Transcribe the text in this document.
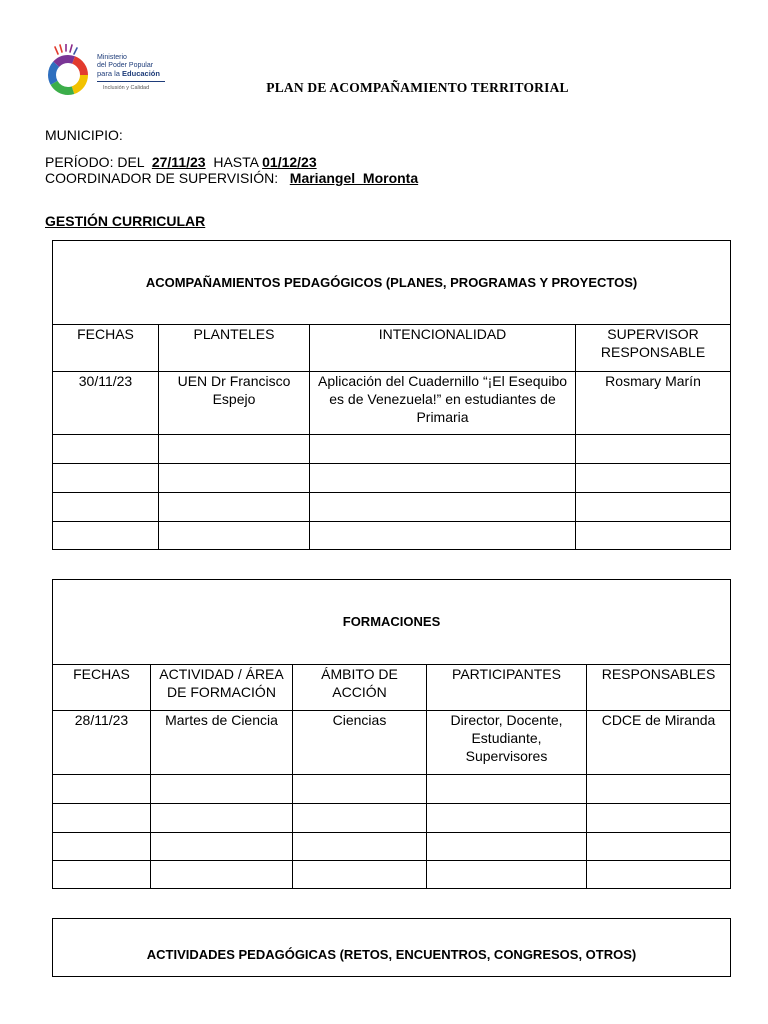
Ministerio
del Poder Popular
para la Educación
Inclusión y Calidad	PLAN DE ACOMPAÑAMIENTO TERRITORIAL
MUNICIPIO:
PERÍODO: DEL  27/11/23  HASTA 01/12/23
COORDINADOR DE SUPERVISIÓN:   Mariangel  Moronta
GESTIÓN CURRICULAR
ACOMPAÑAMIENTOS PEDAGÓGICOS (PLANES, PROGRAMAS Y PROYECTOS)			
FECHAS	PLANTELES	INTENCIONALIDAD	SUPERVISOR RESPONSABLE
30/11/23	UEN Dr Francisco Espejo	Aplicación del Cuadernillo “¡El Esequibo es de Venezuela!” en estudiantes de Primaria	Rosmary Marín

FORMACIONES				
FECHAS	ACTIVIDAD / ÁREA DE FORMACIÓN	ÁMBITO DE ACCIÓN	PARTICIPANTES	RESPONSABLES
28/11/23	Martes de Ciencia	Ciencias	Director, Docente, Estudiante, Supervisores	CDCE de Miranda

ACTIVIDADES PEDAGÓGICAS (RETOS, ENCUENTROS, CONGRESOS, OTROS)
